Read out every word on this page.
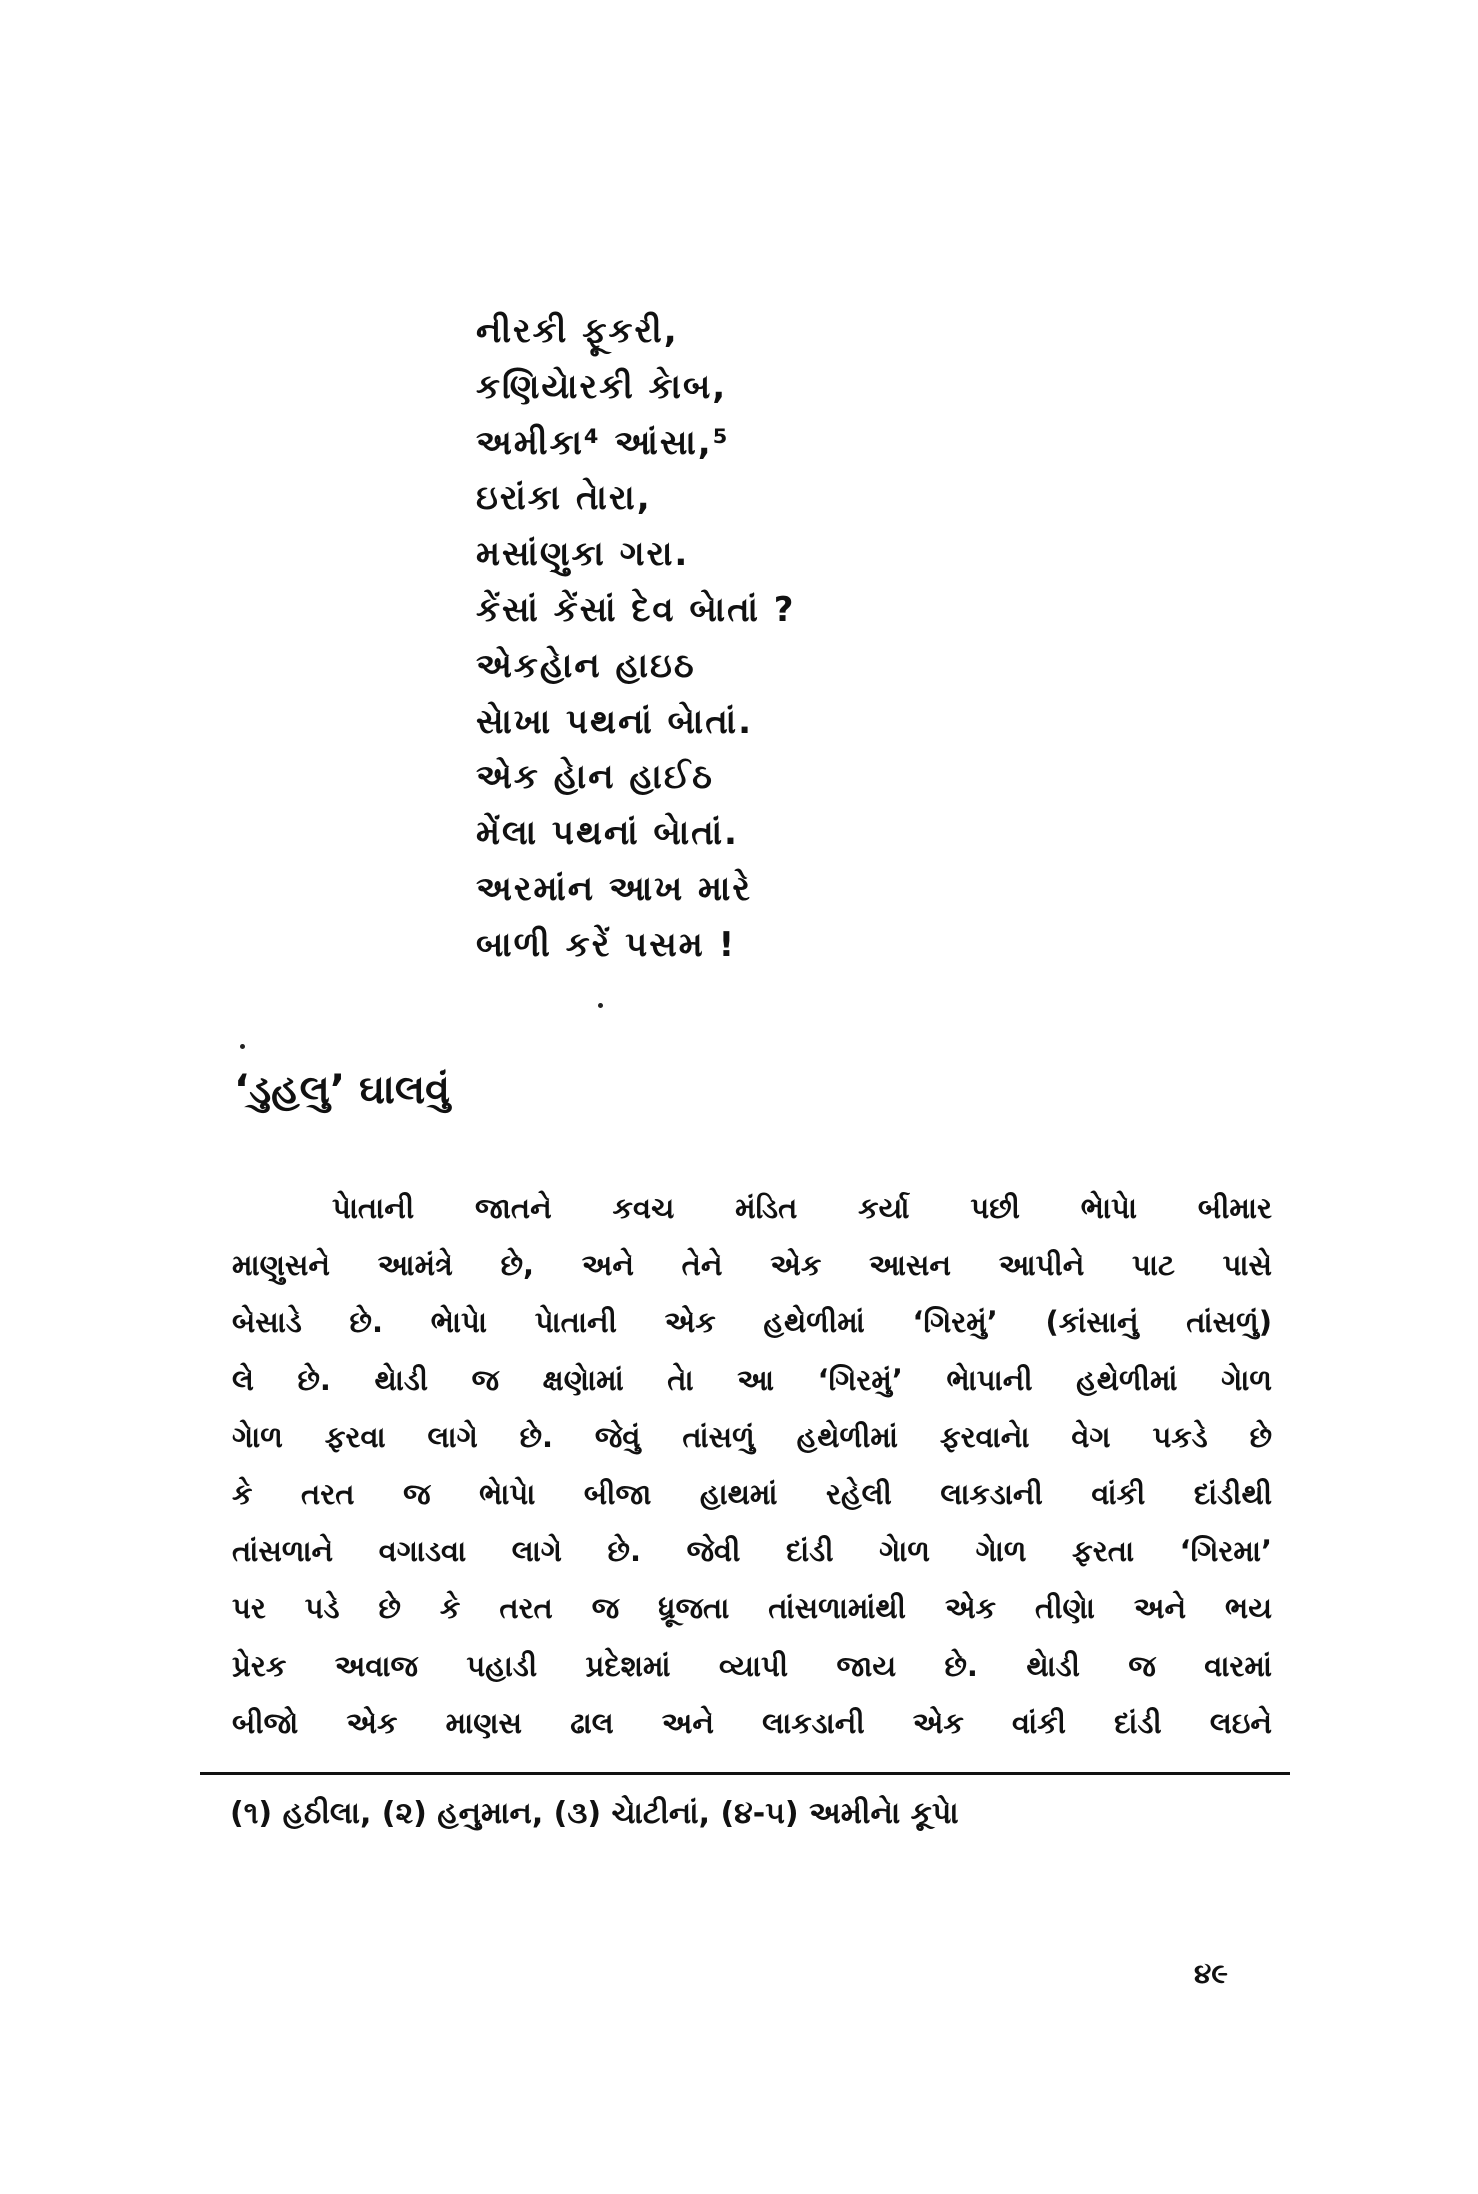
નીરકી ફૂકરી,
કણિયેારકી કેાબ,
અમીકા⁴ આંસા,⁵
ઇરાંકા તેારા,
મસાંણુકા ગરા.
કેંસાં કેંસાં દેવ બેાતાં ?
એકહેાન હાઇઠ
સેાખા પથનાં બેાતાં.
એક હેાન હાઈઠ
મેંલા પથનાં બેાતાં.
અરમાંન આખ મારે
બાળી કરેં પસમ !
‘ડુહલુ’ ઘાલવું
પેાતાની જાતને કવચ મંડિત કર્યા પછી ભેાપેા બીમાર
માણુસને આમંત્રે છે, અને તેને એક આસન આપીને પાટ પાસે
બેસાડે છે. ભેાપેા પેાતાની એક હથેળીમાં ‘ગિરમું’ (કાંસાનું તાંસળું)
લે છે. થેાડી જ ક્ષણેામાં તેા આ ‘ગિરમું’ ભેાપાની હથેળીમાં ગેાળ
ગેાળ ફરવા લાગે છે. જેવું તાંસળું હથેળીમાં ફરવાનેા વેગ પકડે છે
કે તરત જ ભેાપેા બીજા હાથમાં રહેલી લાકડાની વાંકી દાંડીથી
તાંસળાને વગાડવા લાગે છે. જેવી દાંડી ગેાળ ગેાળ ફરતા ‘ગિરમા’
પર પડે છે કે તરત જ ધ્રૂજતા તાંસળામાંથી એક તીણેા અને ભય
પ્રેરક અવાજ પહાડી પ્રદેશમાં વ્યાપી જાય છે. થેાડી જ વારમાં
બીજો એક માણસ ઢાલ અને લાકડાની એક વાંકી દાંડી લઇને
(૧) હઠીલા, (૨) હનુમાન, (૩) ચેાટીનાં, (૪-૫) અમીનેા કૂપેા
૪૯
